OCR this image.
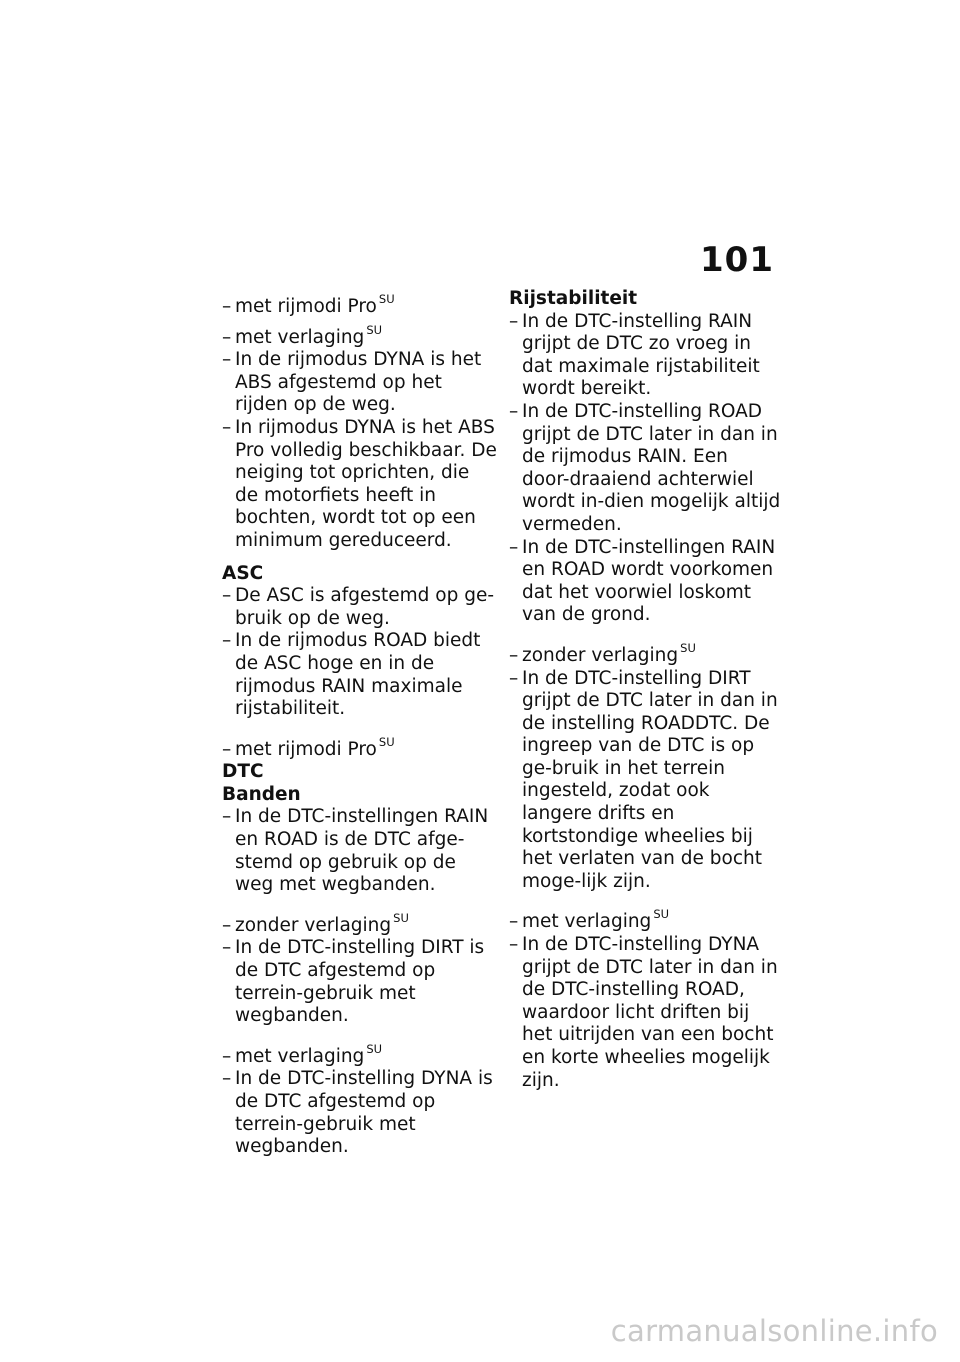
101
– met rijmodi Pro $^{SU}$
– met verlaging $^{SU}$
– In de rijmodus DYNA is het ABS afgestemd op het rijden op de weg.
– In rijmodus DYNA is het ABS Pro volledig beschikbaar. De neiging tot oprichten, die de motorfiets heeft in bochten, wordt tot op een minimum gereduceerd.
ASC
– De ASC is afgestemd op ge-bruik op de weg.
– In de rijmodus ROAD biedt de ASC hoge en in de rijmodus RAIN maximale rijstabiliteit.
– met rijmodi Pro $^{SU}$
DTC
Banden
– In de DTC-instellingen RAIN en ROAD is de DTC afge-stemd op gebruik op de weg met wegbanden.
– zonder verlaging $^{SU}$
– In de DTC-instelling DIRT is de DTC afgestemd op terrein-gebruik met wegbanden.
– met verlaging $^{SU}$
– In de DTC-instelling DYNA is de DTC afgestemd op terrein-gebruik met wegbanden.
Rijstabiliteit
– In de DTC-instelling RAIN grijpt de DTC zo vroeg in dat maximale rijstabiliteit wordt bereikt.
– In de DTC-instelling ROAD grijpt de DTC later in dan in de rijmodus RAIN. Een door-draaiend achterwiel wordt in-dien mogelijk altijd vermeden.
– In de DTC-instellingen RAIN en ROAD wordt voorkomen dat het voorwiel loskomt van de grond.
– zonder verlaging $^{SU}$
– In de DTC-instelling DIRT grijpt de DTC later in dan in de instelling ROADDTC. De ingreep van de DTC is op ge-bruik in het terrein ingesteld, zodat ook langere drifts en kortstondige wheelies bij het verlaten van de bocht moge-lijk zijn.
– met verlaging $^{SU}$
– In de DTC-instelling DYNA grijpt de DTC later in dan in de DTC-instelling ROAD, waardoor licht driften bij het uitrijden van een bocht en korte wheelies mogelijk zijn.
carmanualsonline.info
